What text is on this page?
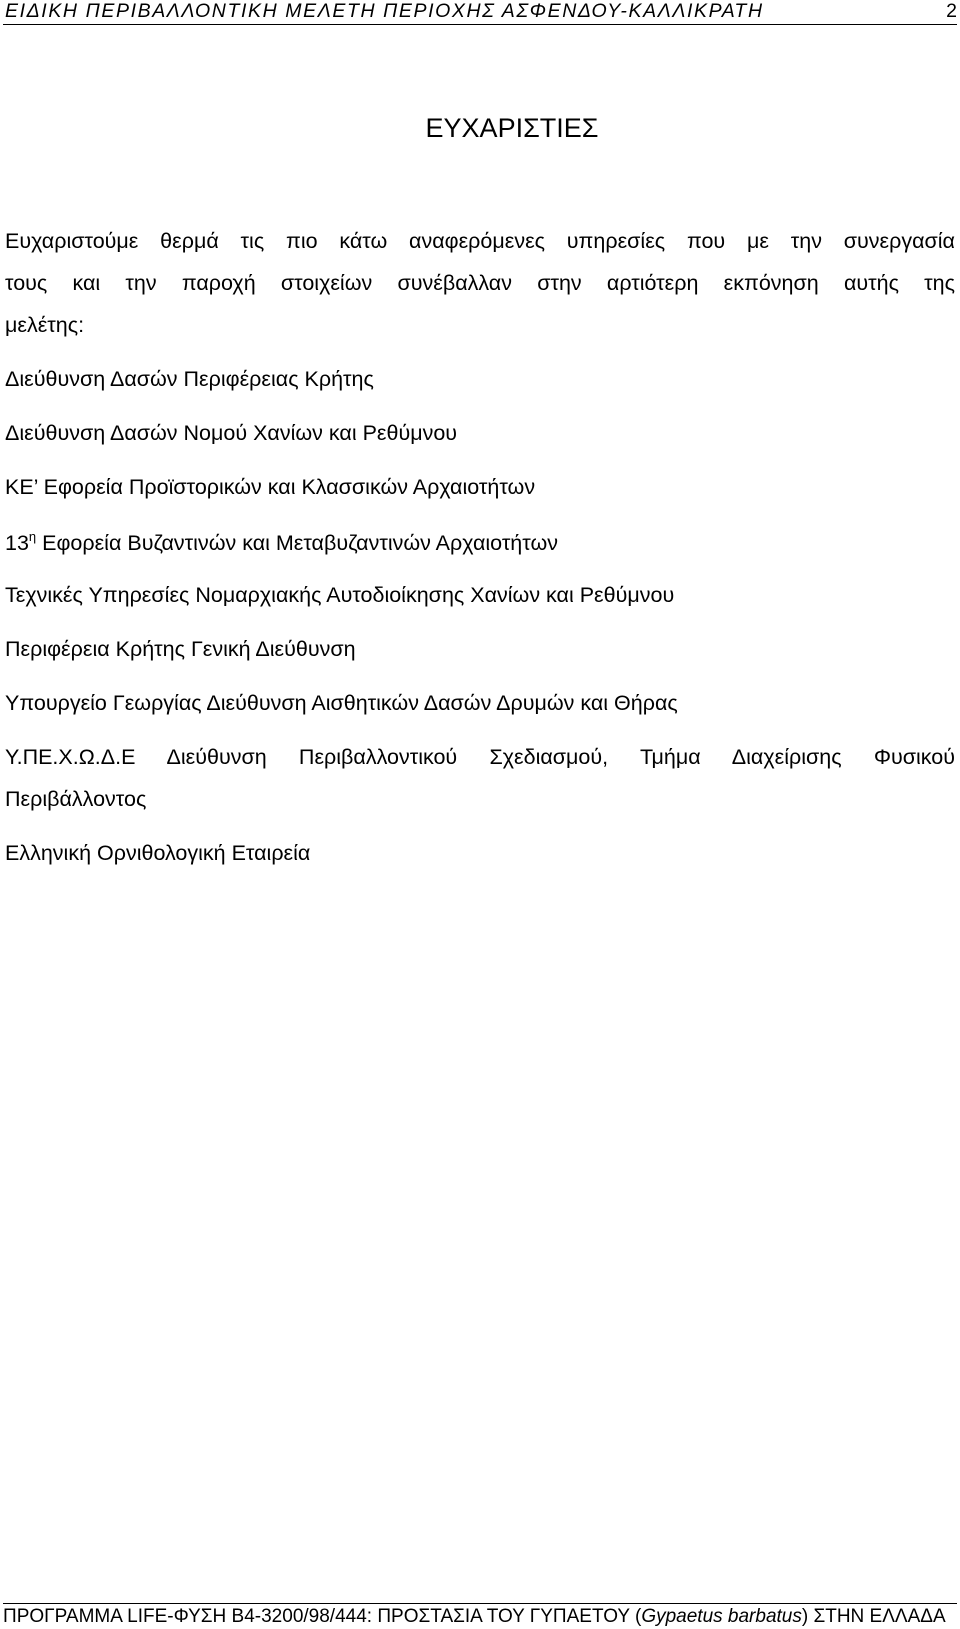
ΕΙΔΙΚΗ ΠΕΡΙΒΑΛΛΟΝΤΙΚΗ ΜΕΛΕΤΗ ΠΕΡΙΟΧΗΣ ΑΣΦΕΝΔΟΥ-ΚΑΛΛΙΚΡΑΤΗ	2
ΕΥΧΑΡΙΣΤΙΕΣ
Ευχαριστούμε θερμά τις πιο κάτω αναφερόμενες υπηρεσίες που με την συνεργασία
τους και την παροχή στοιχείων συνέβαλλαν στην αρτιότερη εκπόνηση αυτής της
μελέτης:
Διεύθυνση Δασών Περιφέρειας Κρήτης
Διεύθυνση Δασών Νομού Χανίων και Ρεθύμνου
ΚΕ’ Εφορεία Προϊστορικών και Κλασσικών Αρχαιοτήτων
$13^\eta$ Εφορεία Βυζαντινών και Μεταβυζαντινών Αρχαιοτήτων
Τεχνικές Υπηρεσίες Νομαρχιακής Αυτοδιοίκησης Χανίων και Ρεθύμνου
Περιφέρεια Κρήτης Γενική Διεύθυνση
Υπουργείο Γεωργίας Διεύθυνση Αισθητικών Δασών Δρυμών και Θήρας
Υ.ΠΕ.Χ.Ω.Δ.Ε Διεύθυνση Περιβαλλοντικού Σχεδιασμού, Τμήμα Διαχείρισης Φυσικού
Περιβάλλοντος
Ελληνική Ορνιθολογική Εταιρεία
ΠΡΟΓΡΑΜΜΑ LIFE-ΦΥΣΗ Β4-3200/98/444: ΠΡΟΣΤΑΣΙΑ ΤΟΥ ΓΥΠΑΕΤΟΥ (Gypaetus barbatus) ΣΤΗΝ ΕΛΛΑΔΑ
